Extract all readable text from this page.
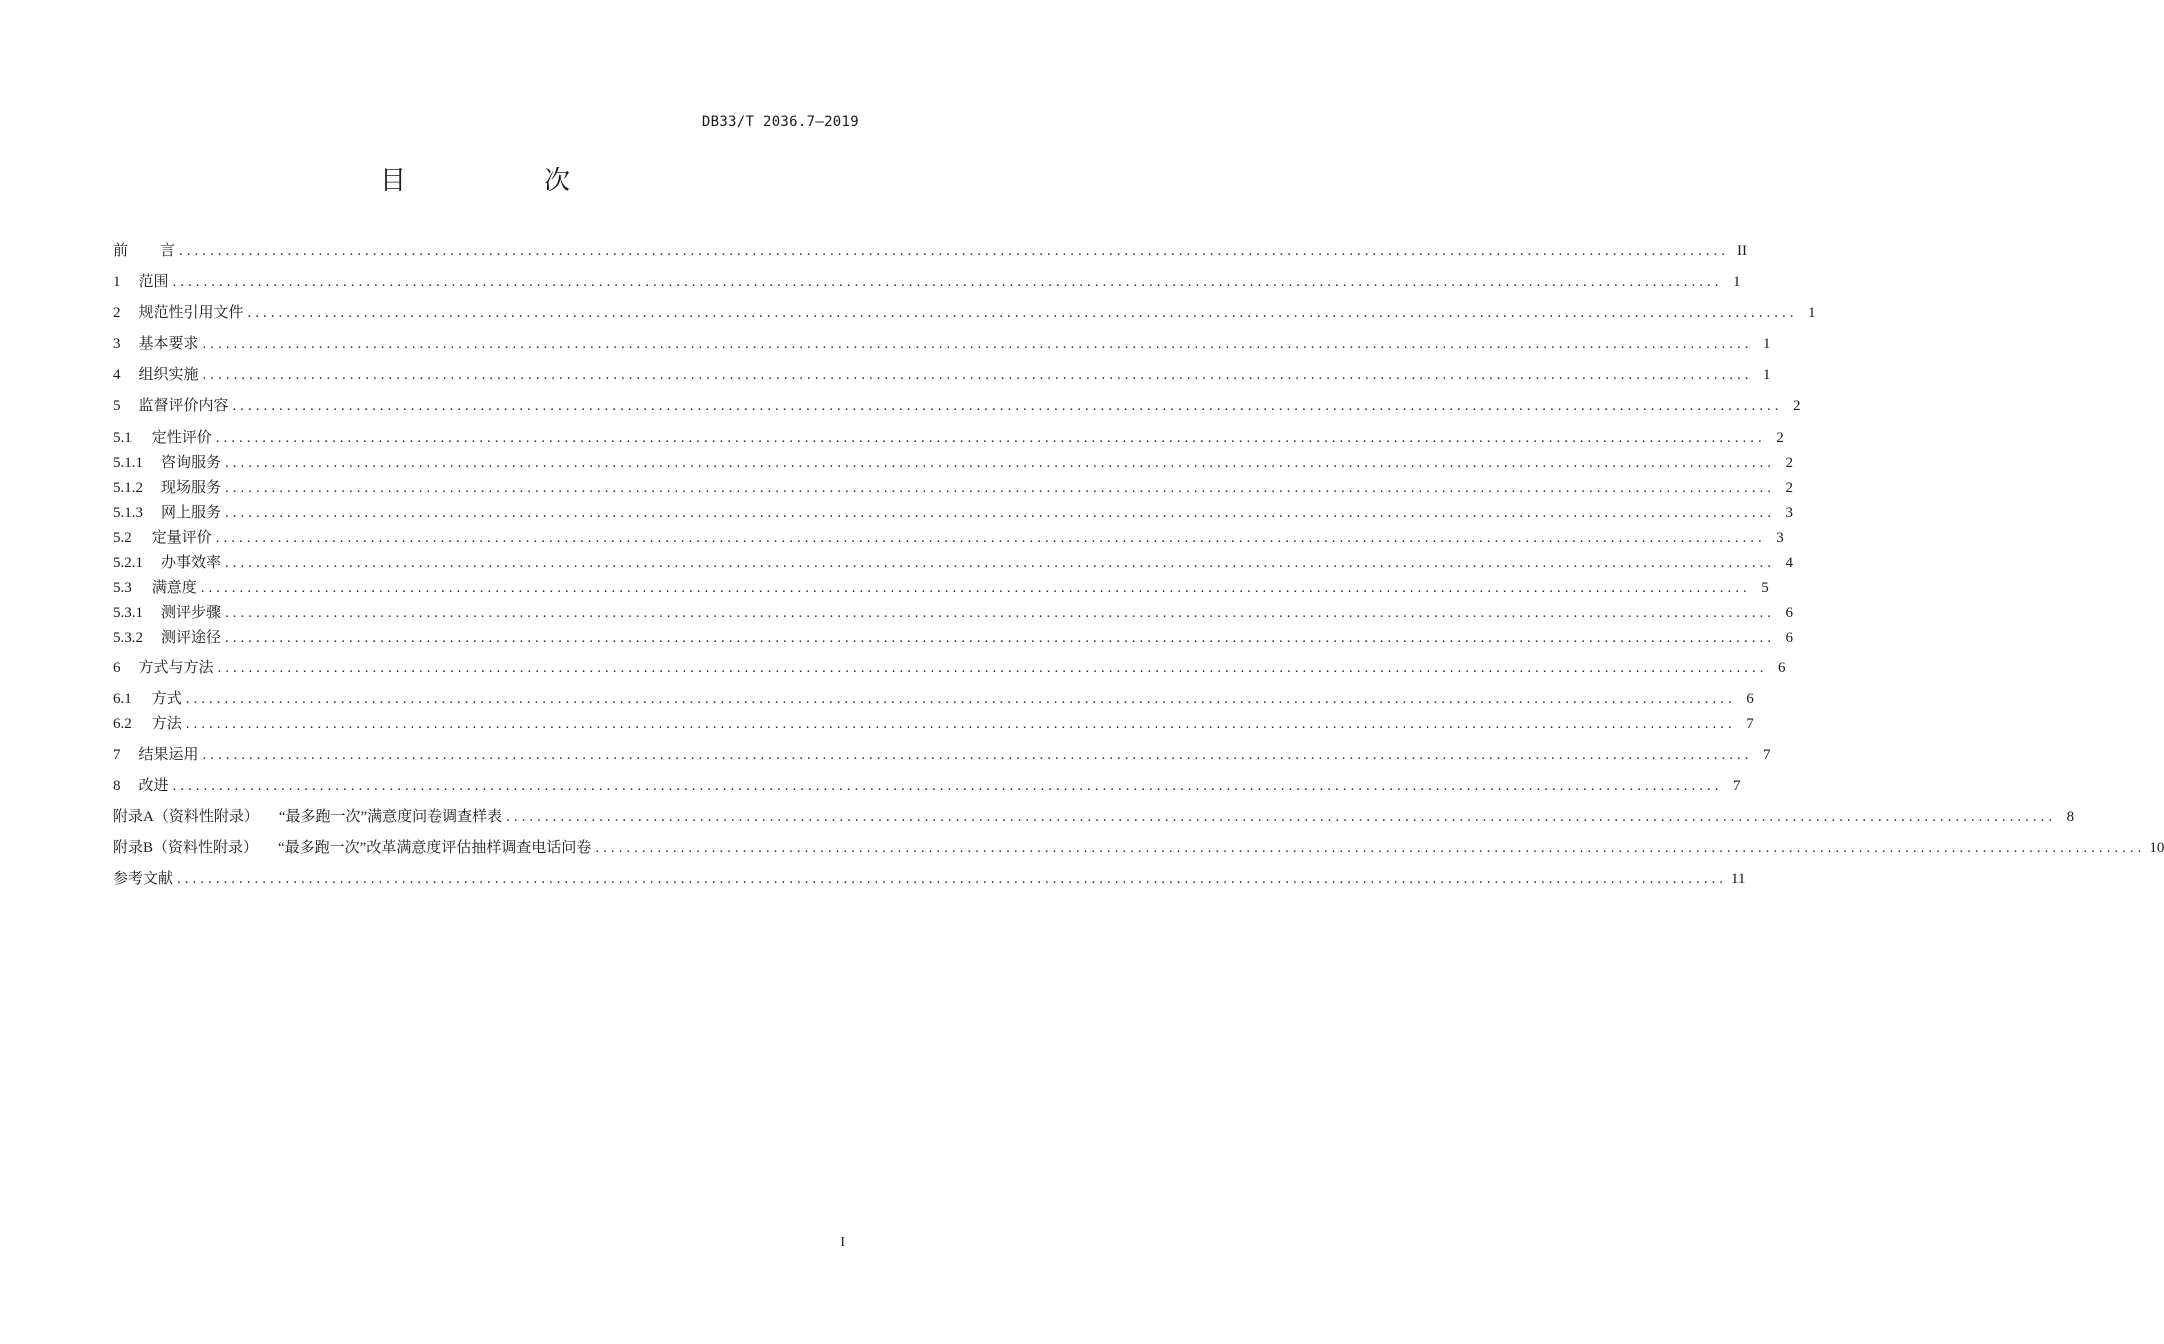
DB33/T 2036.7—2019
目　次
前 言 ........................................................................................................................................................................................................ II
1 范围 ........................................................................................................................................................................................................ 1
2 规范性引用文件 ........................................................................................................................................................................................................ 1
3 基本要求 ........................................................................................................................................................................................................ 1
4 组织实施 ........................................................................................................................................................................................................ 1
5 监督评价内容 ........................................................................................................................................................................................................ 2
5.1 定性评价 ........................................................................................................................................................................................................ 2
5.1.1 咨询服务 ........................................................................................................................................................................................................ 2
5.1.2 现场服务 ........................................................................................................................................................................................................ 2
5.1.3 网上服务 ........................................................................................................................................................................................................ 3
5.2 定量评价 ........................................................................................................................................................................................................ 3
5.2.1 办事效率 ........................................................................................................................................................................................................ 4
5.3 满意度 ........................................................................................................................................................................................................ 5
5.3.1 测评步骤 ........................................................................................................................................................................................................ 6
5.3.2 测评途径 ........................................................................................................................................................................................................ 6
6 方式与方法 ........................................................................................................................................................................................................ 6
6.1 方式 ........................................................................................................................................................................................................ 6
6.2 方法 ........................................................................................................................................................................................................ 7
7 结果运用 ........................................................................................................................................................................................................ 7
8 改进 ........................................................................................................................................................................................................ 7
附录A（资料性附录） “最多跑一次”满意度问卷调查样表 ........................................................................................................................................................................................................ 8
附录B（资料性附录） “最多跑一次”改革满意度评估抽样调查电话问卷 ........................................................................................................................................................................................................ 10
参考文献 ........................................................................................................................................................................................................ 11
I
